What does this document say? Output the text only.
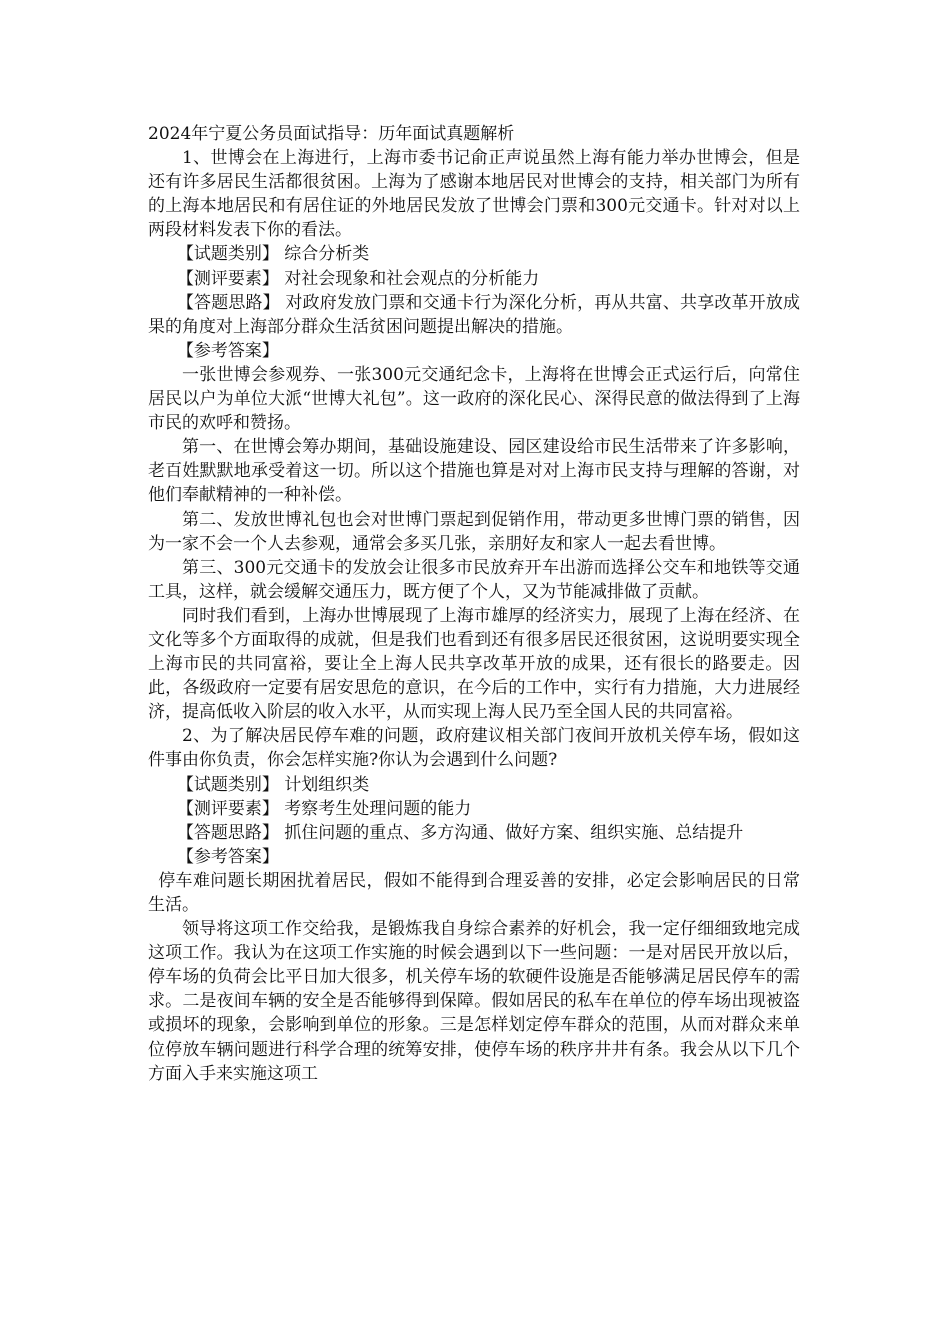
2024年宁夏公务员面试指导：历年面试真题解析

1、世博会在上海进行，上海市委书记俞正声说虽然上海有能力举办世博会，但是还有许多居民生活都很贫困。上海为了感谢本地居民对世博会的支持，相关部门为所有的上海本地居民和有居住证的外地居民发放了世博会门票和300元交通卡。针对对以上两段材料发表下你的看法。

【试题类别】 综合分析类

【测评要素】 对社会现象和社会观点的分析能力

【答题思路】 对政府发放门票和交通卡行为深化分析，再从共富、共享改革开放成果的角度对上海部分群众生活贫困问题提出解决的措施。

【参考答案】

一张世博会参观券、一张300元交通纪念卡，上海将在世博会正式运行后，向常住居民以户为单位大派“世博大礼包”。这一政府的深化民心、深得民意的做法得到了上海市民的欢呼和赞扬。

第一、在世博会筹办期间，基础设施建设、园区建设给市民生活带来了许多影响，老百姓默默地承受着这一切。所以这个措施也算是对对上海市民支持与理解的答谢，对他们奉献精神的一种补偿。

第二、发放世博礼包也会对世博门票起到促销作用，带动更多世博门票的销售，因为一家不会一个人去参观，通常会多买几张，亲朋好友和家人一起去看世博。

第三、300元交通卡的发放会让很多市民放弃开车出游而选择公交车和地铁等交通工具，这样，就会缓解交通压力，既方便了个人，又为节能减排做了贡献。

同时我们看到，上海办世博展现了上海市雄厚的经济实力，展现了上海在经济、在文化等多个方面取得的成就，但是我们也看到还有很多居民还很贫困，这说明要实现全上海市民的共同富裕，要让全上海人民共享改革开放的成果，还有很长的路要走。因此，各级政府一定要有居安思危的意识，在今后的工作中，实行有力措施，大力进展经济，提高低收入阶层的收入水平，从而实现上海人民乃至全国人民的共同富裕。

2、为了解决居民停车难的问题，政府建议相关部门夜间开放机关停车场，假如这件事由你负责，你会怎样实施?你认为会遇到什么问题?

【试题类别】 计划组织类

【测评要素】 考察考生处理问题的能力

【答题思路】 抓住问题的重点、多方沟通、做好方案、组织实施、总结提升

【参考答案】

停车难问题长期困扰着居民，假如不能得到合理妥善的安排，必定会影响居民的日常生活。

领导将这项工作交给我，是锻炼我自身综合素养的好机会，我一定仔细细致地完成这项工作。我认为在这项工作实施的时候会遇到以下一些问题：一是对居民开放以后，停车场的负荷会比平日加大很多，机关停车场的软硬件设施是否能够满足居民停车的需求。二是夜间车辆的安全是否能够得到保障。假如居民的私车在单位的停车场出现被盗或损坏的现象，会影响到单位的形象。三是怎样划定停车群众的范围，从而对群众来单位停放车辆问题进行科学合理的统筹安排，使停车场的秩序井井有条。我会从以下几个方面入手来实施这项工
